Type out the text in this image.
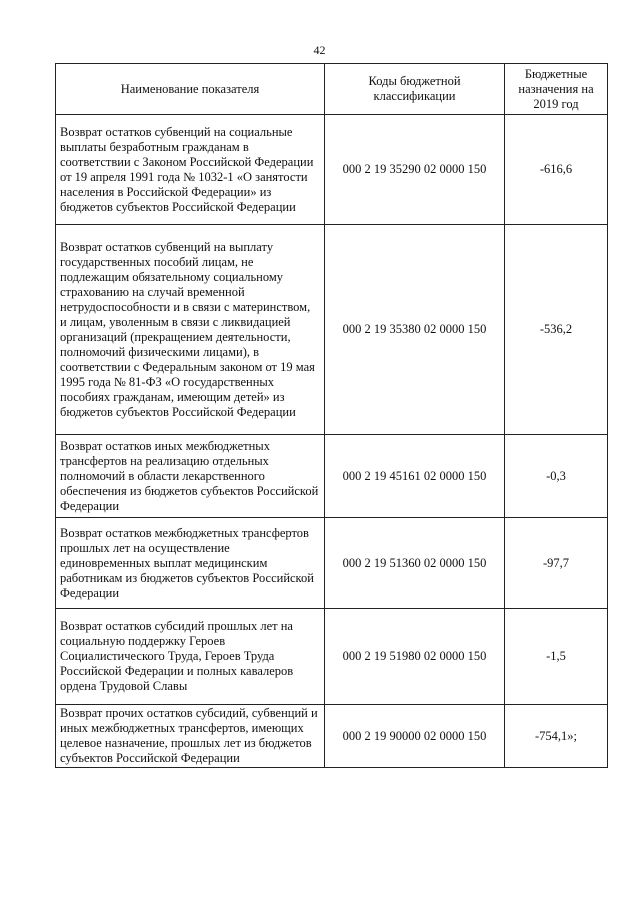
42
Наименование показателя	Коды бюджетной классификации	Бюджетные назначения на 2019 год
Возврат остатков субвенций на социальные выплаты безработным гражданам в соответствии с Законом Российской Федерации от 19 апреля 1991 года № 1032-1 «О занятости населения в Российской Федерации» из бюджетов субъектов Российской Федерации	000 2 19 35290 02 0000 150	-616,6
Возврат остатков субвенций на выплату государственных пособий лицам, не подлежащим обязательному социальному страхованию на случай временной нетрудоспособности и в связи с материнством, и лицам, уволенным в связи с ликвидацией организаций (прекращением деятельности, полномочий физическими лицами), в соответствии с Федеральным законом от 19 мая 1995 года № 81-ФЗ «О государственных пособиях гражданам, имеющим детей» из бюджетов субъектов Российской Федерации	000 2 19 35380 02 0000 150	-536,2
Возврат остатков иных межбюджетных трансфертов на реализацию отдельных полномочий в области лекарственного обеспечения из бюджетов субъектов Российской Федерации	000 2 19 45161 02 0000 150	-0,3
Возврат остатков межбюджетных трансфертов прошлых лет на осуществление единовременных выплат медицинским работникам из бюджетов субъектов Российской Федерации	000 2 19 51360 02 0000 150	-97,7
Возврат остатков субсидий прошлых лет на социальную поддержку Героев Социалистического Труда, Героев Труда Российской Федерации и полных кавалеров ордена Трудовой Славы	000 2 19 51980 02 0000 150	-1,5
Возврат прочих остатков субсидий, субвенций и иных межбюджетных трансфертов, имеющих целевое назначение, прошлых лет из бюджетов субъектов Российской Федерации	000 2 19 90000 02 0000 150	-754,1»;
